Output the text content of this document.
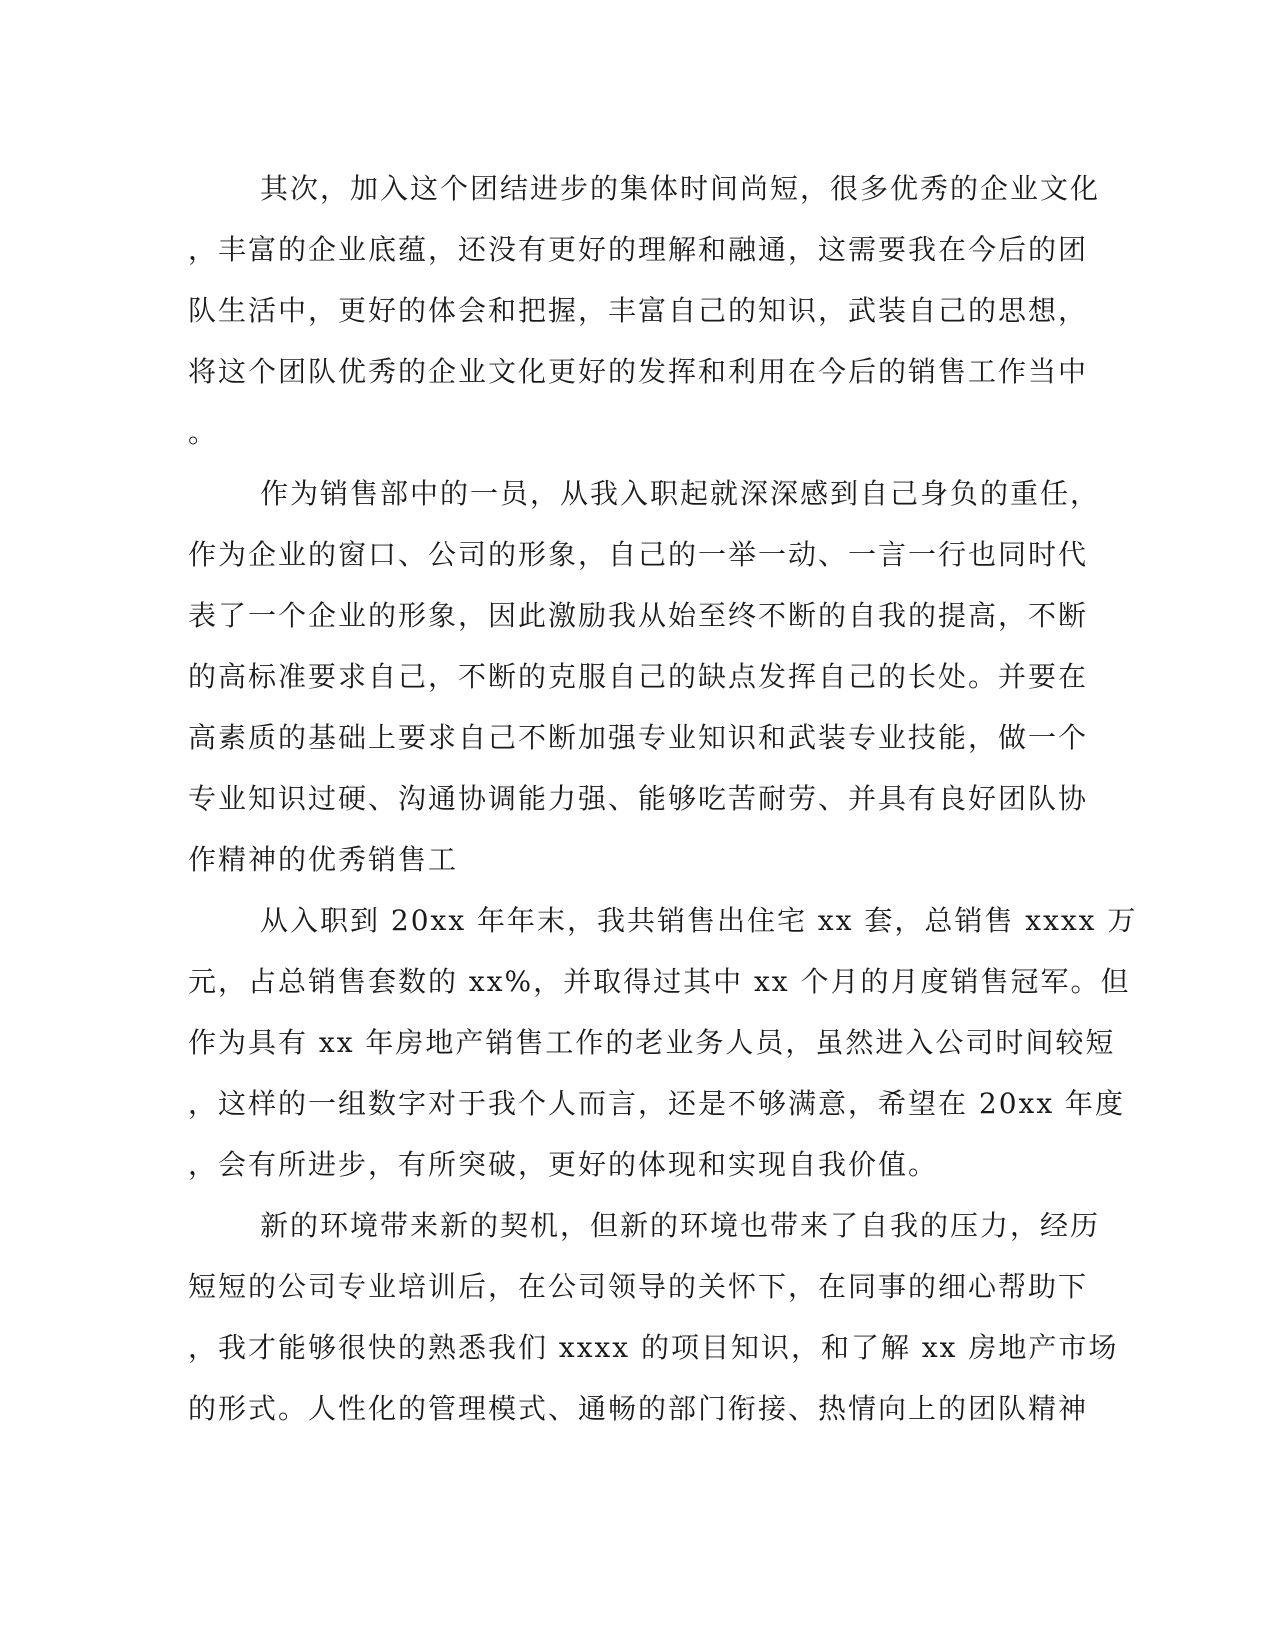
其次，加入这个团结进步的集体时间尚短，很多优秀的企业文化
，丰富的企业底蕴，还没有更好的理解和融通，这需要我在今后的团
队生活中，更好的体会和把握，丰富自己的知识，武装自己的思想，
将这个团队优秀的企业文化更好的发挥和利用在今后的销售工作当中
。
作为销售部中的一员，从我入职起就深深感到自己身负的重任，
作为企业的窗口、公司的形象，自己的一举一动、一言一行也同时代
表了一个企业的形象，因此激励我从始至终不断的自我的提高，不断
的高标准要求自己，不断的克服自己的缺点发挥自己的长处。并要在
高素质的基础上要求自己不断加强专业知识和武装专业技能，做一个
专业知识过硬、沟通协调能力强、能够吃苦耐劳、并具有良好团队协
作精神的优秀销售工
从入职到 20xx 年年末，我共销售出住宅 xx 套，总销售 xxxx 万
元，占总销售套数的 xx%，并取得过其中 xx 个月的月度销售冠军。但
作为具有 xx 年房地产销售工作的老业务人员，虽然进入公司时间较短
，这样的一组数字对于我个人而言，还是不够满意，希望在 20xx 年度
，会有所进步，有所突破，更好的体现和实现自我价值。
新的环境带来新的契机，但新的环境也带来了自我的压力，经历
短短的公司专业培训后，在公司领导的关怀下，在同事的细心帮助下
，我才能够很快的熟悉我们 xxxx 的项目知识，和了解 xx 房地产市场
的形式。人性化的管理模式、通畅的部门衔接、热情向上的团队精神
